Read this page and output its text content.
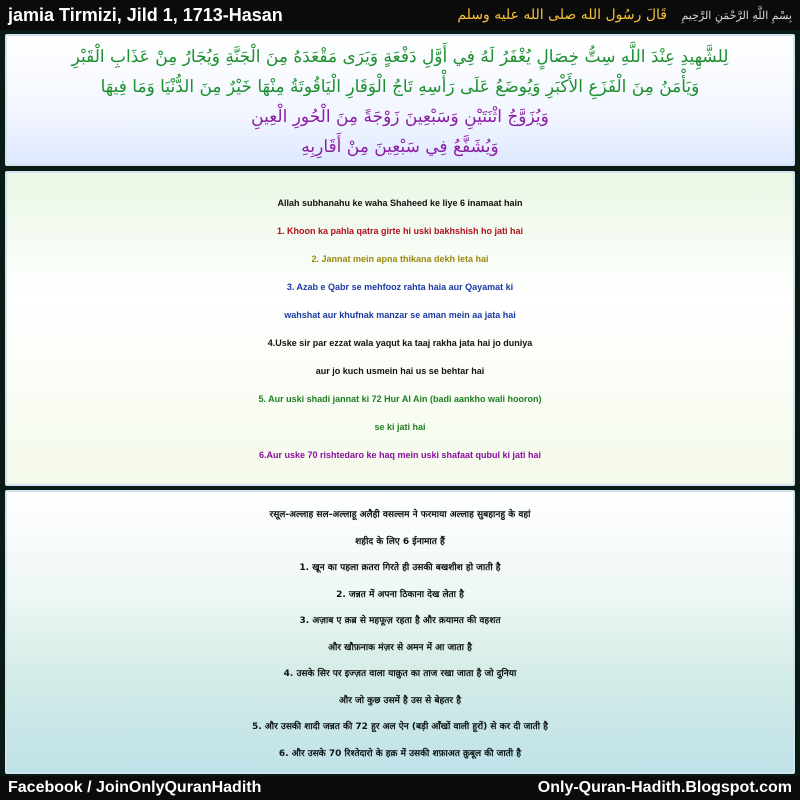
jamia Tirmizi, Jild 1, 1713-Hasan	بِسْمِ اللَّهِ الرَّحْمَنِ الرَّحِيمِ قَالَ رسُول الله صلى الله عليه وسلم

لِلشَّهِيدِ عِنْدَ اللَّهِ سِتُّ خِصَالٍ يُغْفَرُ لَهُ فِي أَوَّلِ دَفْعَةٍ وَيَرَى مَقْعَدَهُ مِنَ الْجَنَّةِ وَيُجَارُ مِنْ عَذَابِ الْقَبْرِ

وَيَأْمَنُ مِنَ الْفَزَعِ الأَكْبَرِ وَيُوضَعُ عَلَى رَأْسِهِ تَاجُ الْوَقَارِ الْيَاقُوتَةُ مِنْهَا خَيْرٌ مِنَ الدُّنْيَا وَمَا فِيهَا

وَيُزَوَّجُ اثْنَتَيْنِ وَسَبْعِينَ زَوْجَةً مِنَ الْحُورِ الْعِينِ

وَيُشَفَّعُ فِي سَبْعِينَ مِنْ أَقَارِبِهِ

Allah subhanahu ke waha Shaheed ke liye 6 inamaat hain

1. Khoon ka pahla qatra girte hi uski bakhshish ho jati hai

2. Jannat mein apna thikana dekh leta hai

3. Azab e Qabr se mehfooz rahta haia aur Qayamat ki

wahshat aur khufnak manzar se aman mein aa jata hai

4.Uske sir par ezzat wala yaqut ka taaj rakha jata hai jo duniya

aur jo kuch usmein hai us se behtar hai

5. Aur uski shadi jannat ki 72 Hur Al Ain (badi aankho wali hooron)

se ki jati hai

6.Aur uske 70 rishtedaro ke haq mein uski shafaat qubul ki jati hai

रसूल-अल्लाह सल-अल्लाहू अलैही वसल्लम ने फरमाया अल्लाह सुबहानहु के वहां

शहीद के लिए 6 ईनामात हैं

1. खून का पहला क़तरा गिरते ही उसकी बखशीश हो जाती है

2. जन्नत में अपना ठिकाना देख लेता है

3. अज़ाब ए क़ब्र से महफूज़ रहता है और क़यामत की वहशत

और खौफ़नाक मंज़र से अमन में आ जाता है

4. उसके सिर पर इज्ज़त वाला याक़ुत का ताज रखा जाता है जो दुनिया

और जो कुछ उसमें है उस से बेहतर है

5. और उसकी शादी जन्नत की 72 हूर अल ऐन (बड़ी आँखों वाली हूरों) से कर दी जाती है

6. और उसके 70 रिश्तेदारो के हक़ में उसकी शफ़ाअत क़ुबूल की जाती है

Facebook / JoinOnlyQuranHadith	Only-Quran-Hadith.Blogspot.com
